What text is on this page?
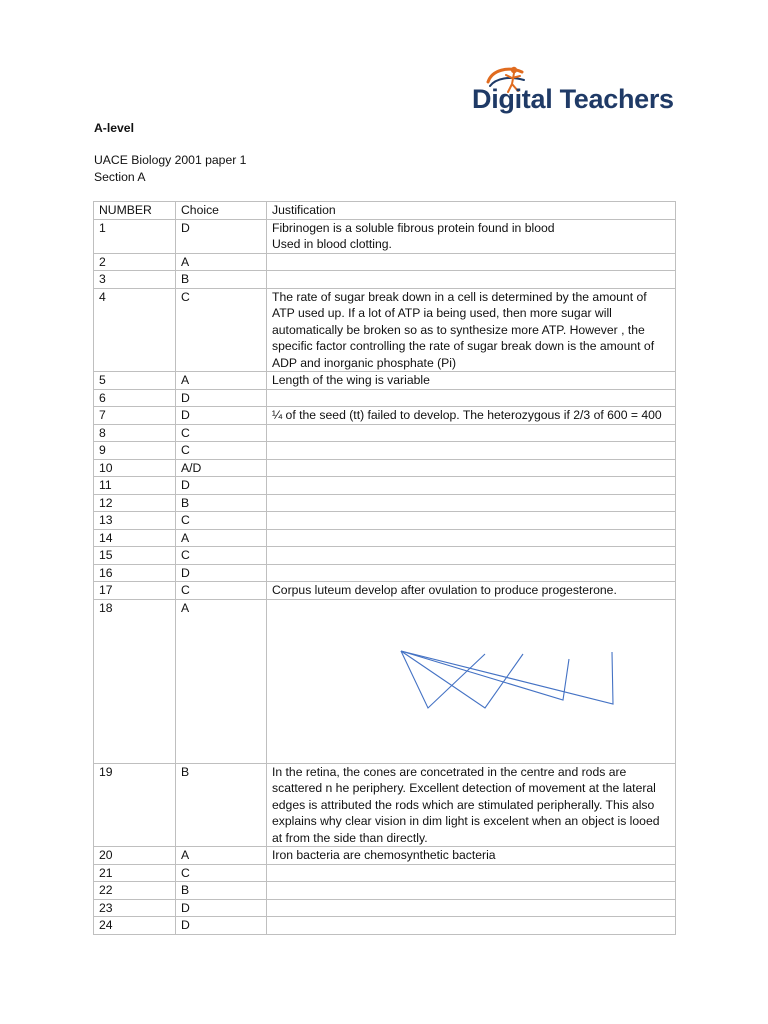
Digital Teachers
A-level
UACE Biology 2001 paper 1
Section A
NUMBER	Choice	Justification
1	D	Fibrinogen is a soluble fibrous protein found in blood
Used in blood clotting.

2	A	
3	B	
4	C	The rate of sugar break down in a cell is determined by the amount of ATP used up. If a lot of ATP ia being used, then more sugar will automatically be broken so as to synthesize more ATP. However , the specific factor controlling the rate of sugar break down is the amount of ADP and inorganic phosphate (Pi)
5	A	Length of the wing is variable
6	D	
7	D	¼ of the seed (tt) failed to develop. The heterozygous if 2/3 of 600 = 400
8	C	
9	C	
10	A/D	
11	D	
12	B	
13	C	
14	A	
15	C	
16	D	
17	C	Corpus luteum develop after ovulation to produce progesterone.
18	A	

19	B	In the retina, the cones are concetrated in the centre and rods are scattered n he periphery. Excellent detection of movement at the lateral edges is attributed the rods which are stimulated peripherally. This also explains why clear vision in dim light is excelent when an object is looed at from the side than directly.
20	A	Iron bacteria are chemosynthetic bacteria
21	C	
22	B	
23	D	
24	D	
